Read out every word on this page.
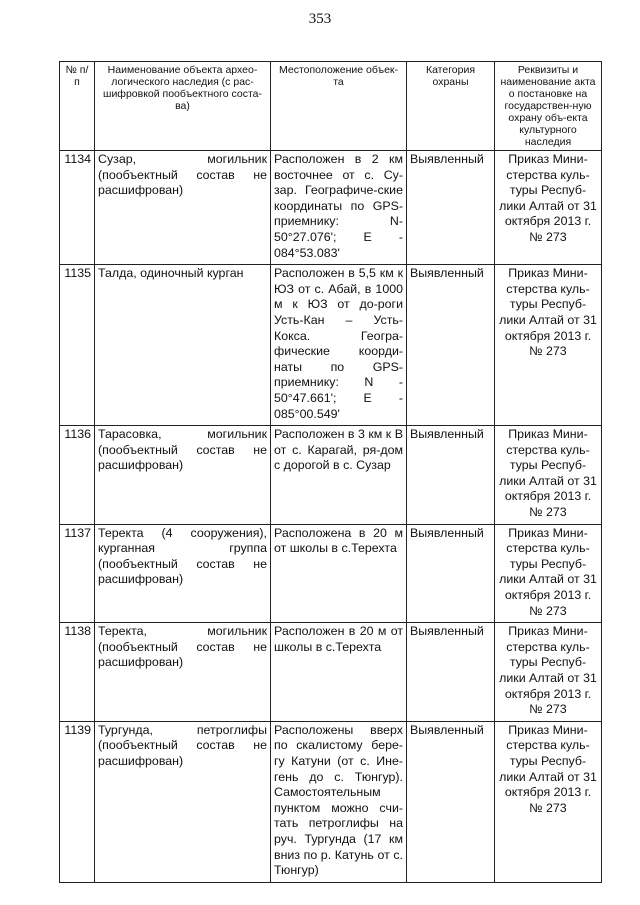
353
№ п/п	Наименование объекта архео-логического наследия (с рас-шифровкой пообъектного соста-ва)	Местоположение объек-та	Категория охраны	Реквизиты и наименование акта о постановке на государствен-ную охрану объ-екта культурного наследия
1134	Сузар, могильник (пообъектный состав не расшифрован)	Расположен в 2 км восточнее от с. Су-зар. Географиче-ские координаты по GPS-приемнику: N-50°27.076'; E - 084°53.083'	Выявленный	Приказ Мини-стерства куль-туры Респуб-лики Алтай от 31 октября 2013 г. № 273
1135	Талда, одиночный курган	Расположен в 5,5 км к ЮЗ от с. Абай, в 1000 м к ЮЗ от до-роги Усть-Кан – Усть-Кокса. Геогра-фические коорди-наты по GPS-приемнику: N - 50°47.661'; E - 085°00.549'	Выявленный	Приказ Мини-стерства куль-туры Респуб-лики Алтай от 31 октября 2013 г. № 273
1136	Тарасовка, могильник (пообъектный состав не расшифрован)	Расположен в 3 км к В от с. Карагай, ря-дом с дорогой в с. Сузар	Выявленный	Приказ Мини-стерства куль-туры Респуб-лики Алтай от 31 октября 2013 г. № 273
1137	Теректа (4 сооружения), курганная группа (пообъектный состав не расшифрован)	Расположена в 20 м от школы в с.Терехта	Выявленный	Приказ Мини-стерства куль-туры Респуб-лики Алтай от 31 октября 2013 г. № 273
1138	Теректа, могильник (пообъектный состав не расшифрован)	Расположен в 20 м от школы в с.Терехта	Выявленный	Приказ Мини-стерства куль-туры Респуб-лики Алтай от 31 октября 2013 г. № 273
1139	Тургунда, петроглифы (пообъектный состав не расшифрован)	Расположены вверх по скалистому бере-гу Катуни (от с. Ине-гень до с. Тюнгур). Самостоятельным пунктом можно счи-тать петроглифы на руч. Тургунда (17 км вниз по р. Катунь от с. Тюнгур)	Выявленный	Приказ Мини-стерства куль-туры Респуб-лики Алтай от 31 октября 2013 г. № 273
